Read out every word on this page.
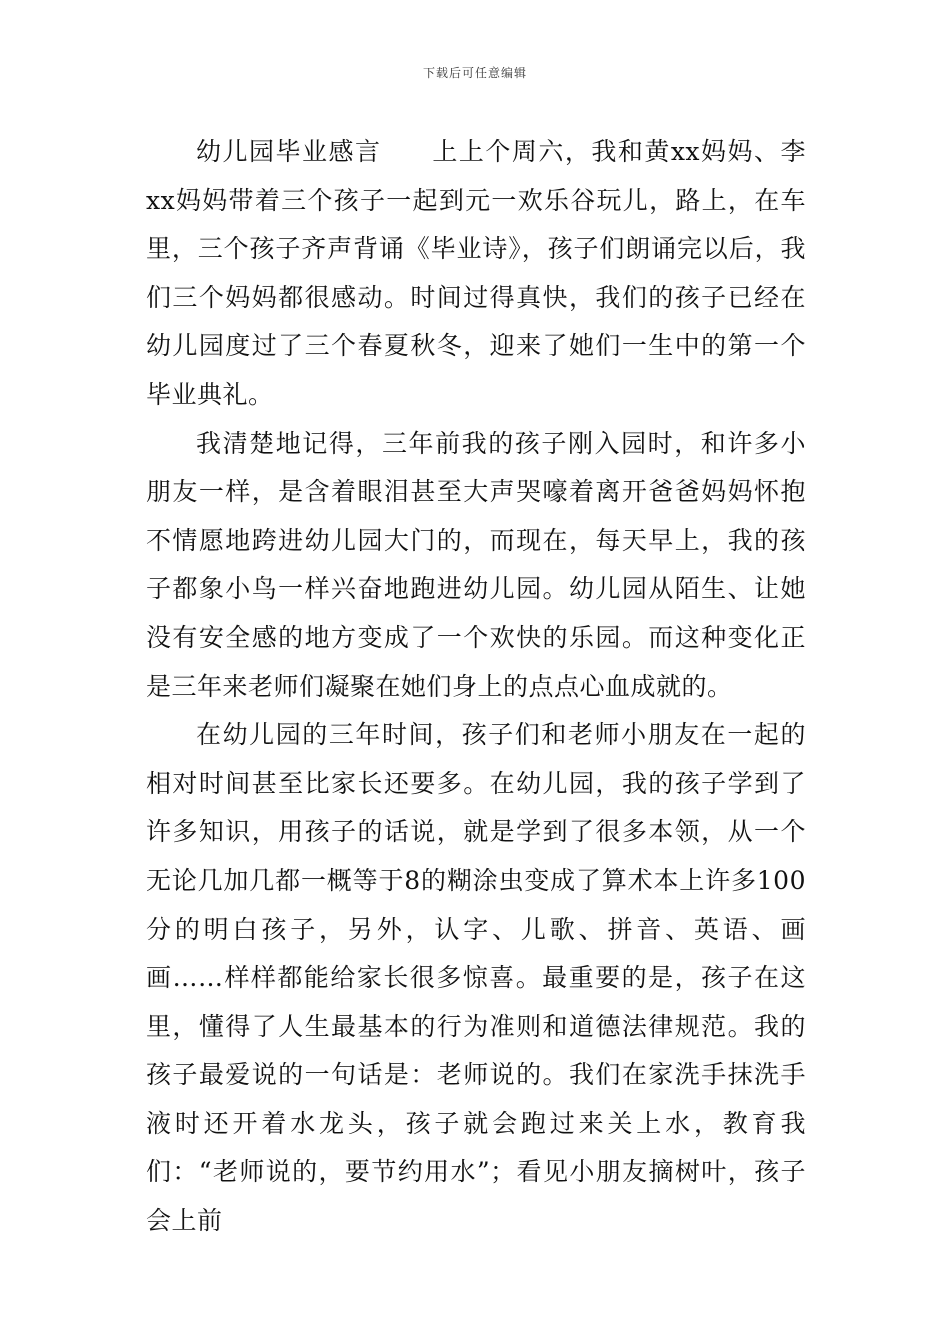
下载后可任意编辑

幼儿园毕业感言 上上个周六，我和黄xx妈妈、李xx妈妈带着三个孩子一起到元一欢乐谷玩儿，路上，在车里，三个孩子齐声背诵《毕业诗》，孩子们朗诵完以后，我们三个妈妈都很感动。时间过得真快，我们的孩子已经在幼儿园度过了三个春夏秋冬，迎来了她们一生中的第一个毕业典礼。

我清楚地记得，三年前我的孩子刚入园时，和许多小朋友一样，是含着眼泪甚至大声哭嚎着离开爸爸妈妈怀抱不情愿地跨进幼儿园大门的，而现在，每天早上，我的孩子都象小鸟一样兴奋地跑进幼儿园。幼儿园从陌生、让她没有安全感的地方变成了一个欢快的乐园。而这种变化正是三年来老师们凝聚在她们身上的点点心血成就的。

在幼儿园的三年时间，孩子们和老师小朋友在一起的相对时间甚至比家长还要多。在幼儿园，我的孩子学到了许多知识，用孩子的话说，就是学到了很多本领，从一个无论几加几都一概等于8的糊涂虫变成了算术本上许多100分的明白孩子，另外，认字、儿歌、拼音、英语、画画……样样都能给家长很多惊喜。最重要的是，孩子在这里，懂得了人生最基本的行为准则和道德法律规范。我的孩子最爱说的一句话是：老师说的。我们在家洗手抹洗手液时还开着水龙头，孩子就会跑过来关上水，教育我们：“老师说的，要节约用水”；看见小朋友摘树叶，孩子会上前
